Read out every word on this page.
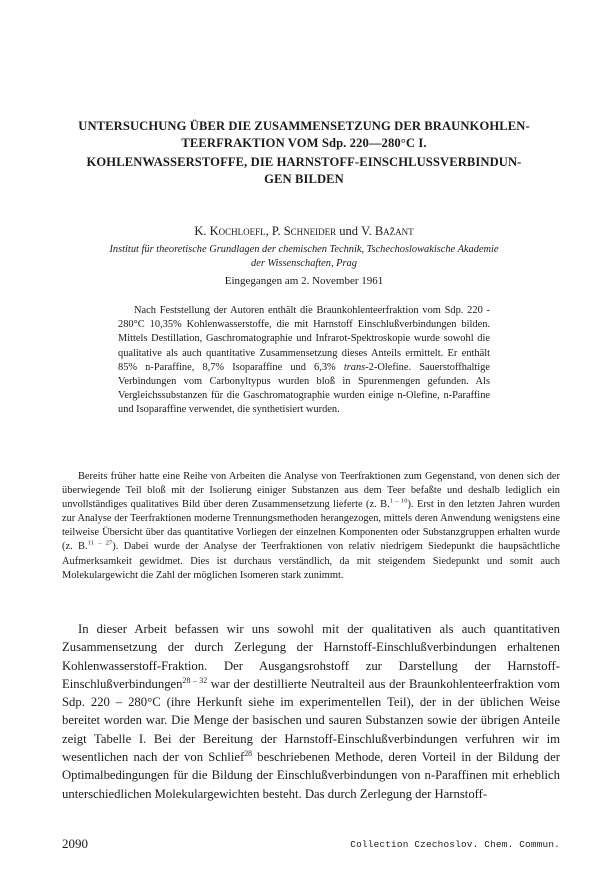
UNTERSUCHUNG ÜBER DIE ZUSAMMENSETZUNG DER BRAUNKOHLEN-

TEERFRAKTION VOM Sdp. 220—280°C I.

KOHLENWASSERSTOFFE, DIE HARNSTOFF-EINSCHLUSSVERBINDUN-

GEN BILDEN

K. Kochloefl, P. Schneider und V. Bažant
Institut für theoretische Grundlagen der chemischen Technik, Tschechoslowakische Akademie
der Wissenschaften, Prag
Eingegangen am 2. November 1961

Nach Feststellung der Autoren enthält die Braunkohlenteerfraktion vom Sdp. 220 - 280°C 10,35% Kohlenwasserstoffe, die mit Harnstoff Einschlußverbindungen bilden. Mittels Destillation, Gaschromatographie und Infrarot-Spektroskopie wurde sowohl die qualitative als auch quantitative Zusammensetzung dieses Anteils ermittelt. Er enthält 85% n-Paraffine, 8,7% Isoparaffine und 6,3% trans-2-Olefine. Sauerstoffhaltige Verbindungen vom Carbonyltypus wurden bloß in Spurenmengen gefunden. Als Vergleichssubstanzen für die Gaschromatographie wurden einige n-Olefine, n-Paraffine und Isoparaffine verwendet, die synthetisiert wurden.

Bereits früher hatte eine Reihe von Arbeiten die Analyse von Teerfraktionen zum Gegenstand, von denen sich der überwiegende Teil bloß mit der Isolierung einiger Substanzen aus dem Teer befaßte und deshalb lediglich ein unvollständiges qualitatives Bild über deren Zusammensetzung lieferte (z. B.$^{1 - 10}$). Erst in den letzten Jahren wurden zur Analyse der Teerfraktionen moderne Trennungsmethoden herangezogen, mittels deren Anwendung wenigstens eine teilweise Übersicht über das quantitative Vorliegen der einzelnen Komponenten oder Substanzgruppen erhalten wurde (z. B.$^{11 - 27}$). Dabei wurde der Analyse der Teerfraktionen von relativ niedrigem Siedepunkt die haupsächtliche Aufmerksamkeit gewidmet. Dies ist durchaus verständlich, da mit steigendem Siedepunkt und somit auch Molekulargewicht die Zahl der möglichen Isomeren stark zunimmt.

In dieser Arbeit befassen wir uns sowohl mit der qualitativen als auch quantitativen Zusammensetzung der durch Zerlegung der Harnstoff-Einschlußverbindungen erhaltenen Kohlenwasserstoff-Fraktion. Der Ausgangsrohstoff zur Darstellung der Harnstoff-Einschlußverbindungen$^{28 - 32}$ war der destillierte Neutralteil aus der Braunkohlenteerfraktion vom Sdp. 220 – 280°C (ihre Herkunft siehe im experimentellen Teil), der in der üblichen Weise bereitet worden war. Die Menge der basischen und sauren Substanzen sowie der übrigen Anteile zeigt Tabelle I. Bei der Bereitung der Harnstoff-Einschlußverbindungen verfuhren wir im wesentlichen nach der von Schlief$^{28}$ beschriebenen Methode, deren Vorteil in der Bildung der Optimalbedingungen für die Bildung der Einschlußverbindungen von n-Paraffinen mit erheblich unterschiedlichen Molekulargewichten besteht. Das durch Zerlegung der Harnstoff-

2090	Collection Czechoslov. Chem. Commun.
